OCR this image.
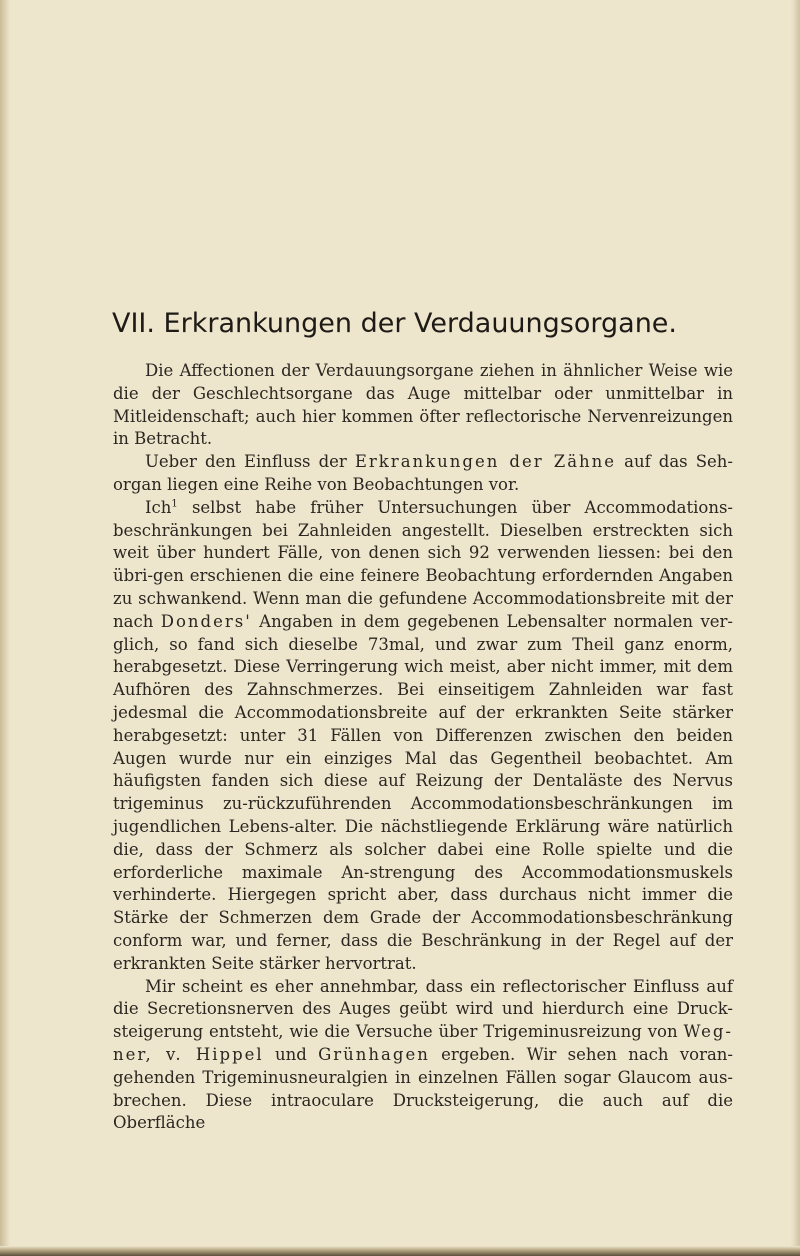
VII. Erkrankungen der Verdauungsorgane.

Die Affectionen der Verdauungsorgane ziehen in ähnlicher Weise wie die der Geschlechtsorgane das Auge mittelbar oder unmittelbar in Mitleidenschaft; auch hier kommen öfter reflectorische Nervenreizungen in Betracht.

Ueber den Einfluss der Erkrankungen der Zähne auf das Seh-organ liegen eine Reihe von Beobachtungen vor.

Ich$^1$ selbst habe früher Untersuchungen über Accommodations-beschränkungen bei Zahnleiden angestellt. Dieselben erstreckten sich weit über hundert Fälle, von denen sich 92 verwenden liessen: bei den übri-gen erschienen die eine feinere Beobachtung erfordernden Angaben zu schwankend. Wenn man die gefundene Accommodationsbreite mit der nach Donders' Angaben in dem gegebenen Lebensalter normalen ver-glich, so fand sich dieselbe 73mal, und zwar zum Theil ganz enorm, herabgesetzt. Diese Verringerung wich meist, aber nicht immer, mit dem Aufhören des Zahnschmerzes. Bei einseitigem Zahnleiden war fast jedesmal die Accommodationsbreite auf der erkrankten Seite stärker herabgesetzt: unter 31 Fällen von Differenzen zwischen den beiden Augen wurde nur ein einziges Mal das Gegentheil beobachtet. Am häufigsten fanden sich diese auf Reizung der Dentaläste des Nervus trigeminus zu-rückzuführenden Accommodationsbeschränkungen im jugendlichen Lebens-alter. Die nächstliegende Erklärung wäre natürlich die, dass der Schmerz als solcher dabei eine Rolle spielte und die erforderliche maximale An-strengung des Accommodationsmuskels verhinderte. Hiergegen spricht aber, dass durchaus nicht immer die Stärke der Schmerzen dem Grade der Accommodationsbeschränkung conform war, und ferner, dass die Beschränkung in der Regel auf der erkrankten Seite stärker hervortrat.

Mir scheint es eher annehmbar, dass ein reflectorischer Einfluss auf die Secretionsnerven des Auges geübt wird und hierdurch eine Druck-steigerung entsteht, wie die Versuche über Trigeminusreizung von Weg-ner, v. Hippel und Grünhagen ergeben. Wir sehen nach voran-gehenden Trigeminusneuralgien in einzelnen Fällen sogar Glaucom aus-brechen. Diese intraoculare Drucksteigerung, die auch auf die Oberfläche
